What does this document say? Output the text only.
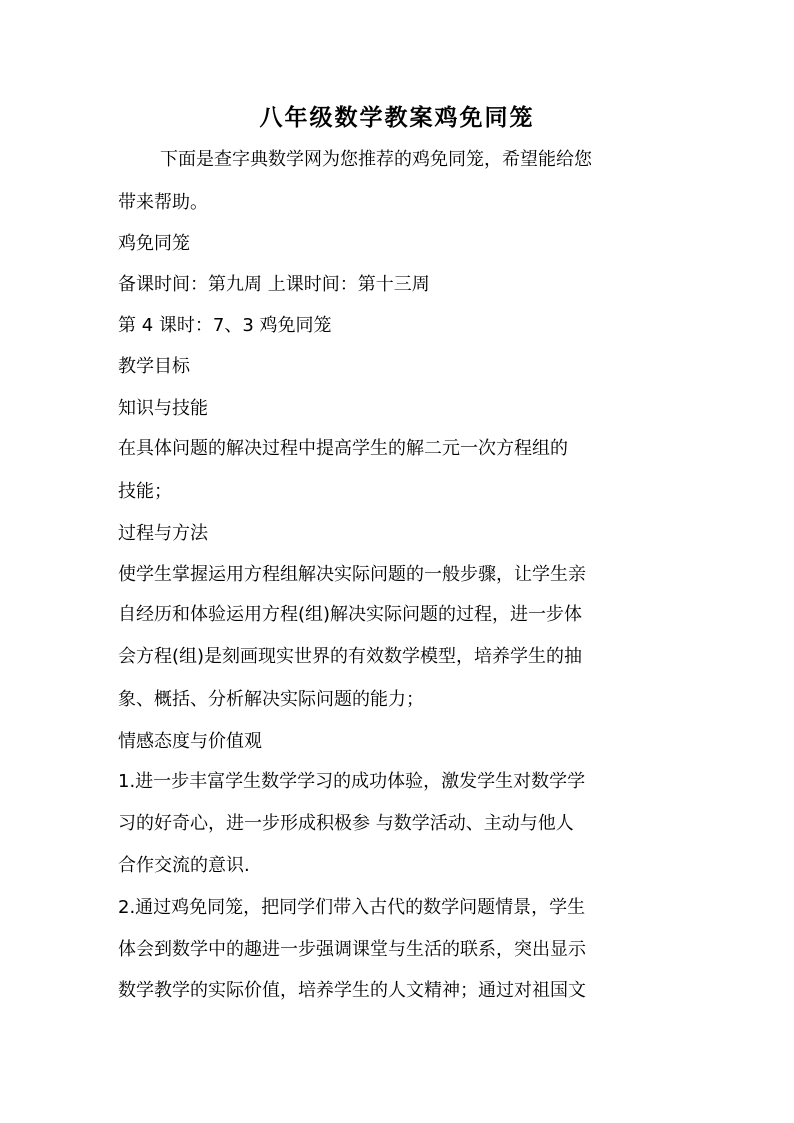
八年级数学教案鸡免同笼
下面是查字典数学网为您推荐的鸡免同笼，希望能给您
带来帮助。
鸡免同笼
备课时间：第九周 上课时间：第十三周
第 4 课时：7、3 鸡免同笼
教学目标
知识与技能
在具体问题的解决过程中提高学生的解二元一次方程组的
技能；
过程与方法
使学生掌握运用方程组解决实际问题的一般步骤，让学生亲
自经历和体验运用方程(组)解决实际问题的过程，进一步体
会方程(组)是刻画现实世界的有效数学模型，培养学生的抽
象、概括、分析解决实际问题的能力；
情感态度与价值观
1.进一步丰富学生数学学习的成功体验，激发学生对数学学
习的好奇心，进一步形成积极参 与数学活动、主动与他人
合作交流的意识.
2.通过鸡免同笼，把同学们带入古代的数学问题情景，学生
体会到数学中的趣进一步强调课堂与生活的联系，突出显示
数学教学的实际价值，培养学生的人文精神；通过对祖国文
